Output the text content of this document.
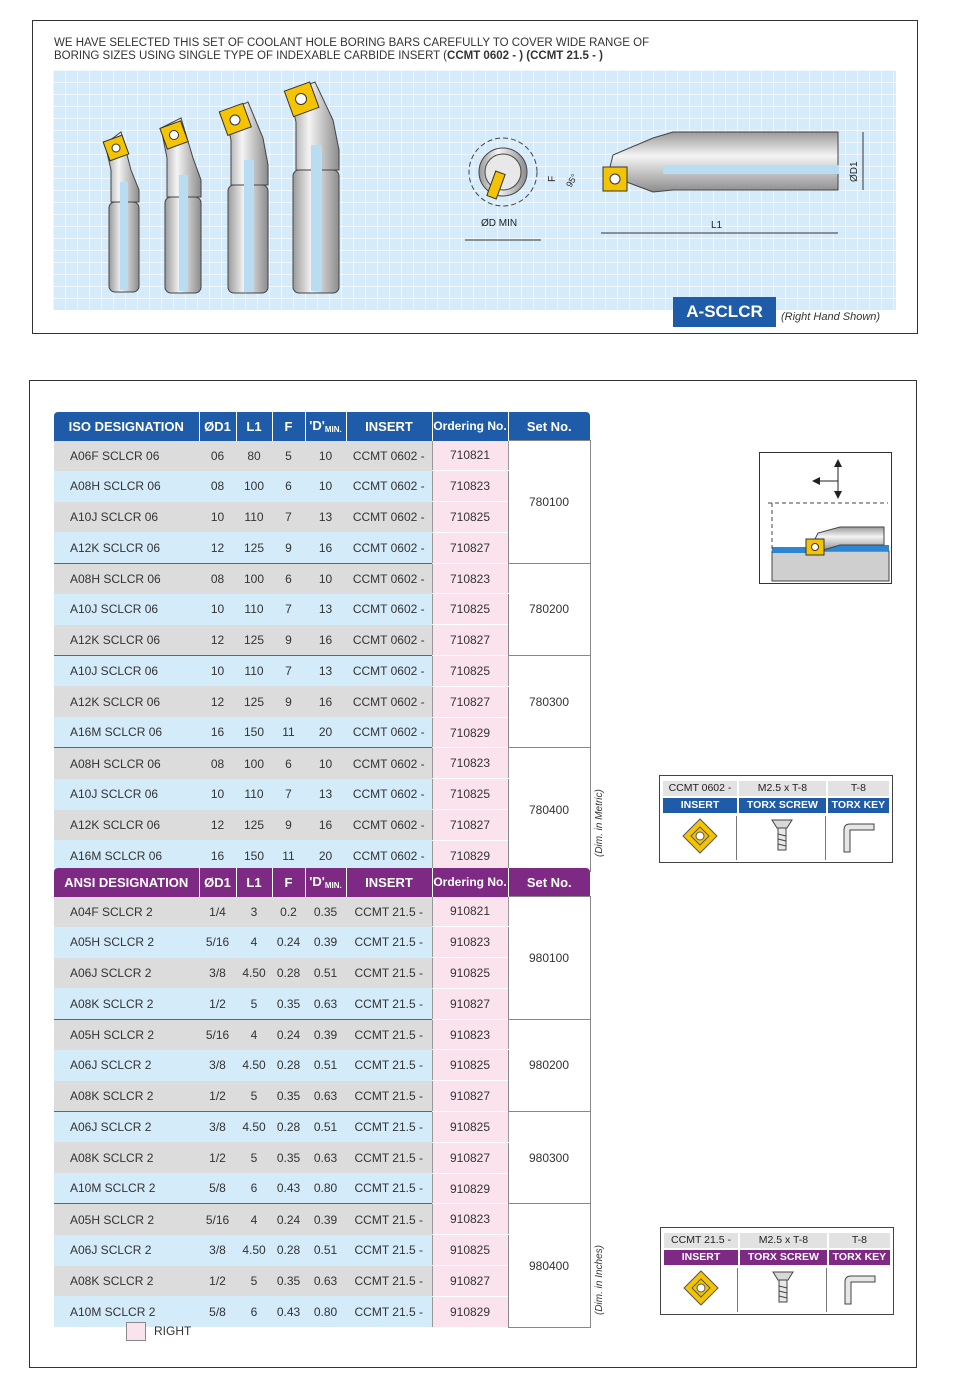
WE HAVE SELECTED THIS SET OF COOLANT HOLE BORING BARS CAREFULLY TO COVER WIDE RANGE OF
BORING SIZES USING SINGLE TYPE OF INDEXABLE CARBIDE INSERT (CCMT 0602 - ) (CCMT 21.5 - )
ØD MIN	L1
ØD1
F 95°
A-SCLCR	(Right Hand Shown)
ISO DESIGNATION	ØD1	L1	F	'$D'_{MIN.}$	INSERT	Ordering No.	Set No.
A06F SCLCR 06	06	80	5	10	CCMT 0602 -	710821	780100
A08H SCLCR 06	08	100	6	10	CCMT 0602 -	710823	
A10J SCLCR 06	10	110	7	13	CCMT 0602 -	710825	
A12K SCLCR 06	12	125	9	16	CCMT 0602 -	710827	
A08H SCLCR 06	08	100	6	10	CCMT 0602 -	710823	780200
A10J SCLCR 06	10	110	7	13	CCMT 0602 -	710825	
A12K SCLCR 06	12	125	9	16	CCMT 0602 -	710827	
A10J SCLCR 06	10	110	7	13	CCMT 0602 -	710825	780300
A12K SCLCR 06	12	125	9	16	CCMT 0602 -	710827	
A16M SCLCR 06	16	150	11	20	CCMT 0602 -	710829	
A08H SCLCR 06	08	100	6	10	CCMT 0602 -	710823	780400
A10J SCLCR 06	10	110	7	13	CCMT 0602 -	710825	
A12K SCLCR 06	12	125	9	16	CCMT 0602 -	710827	
A16M SCLCR 06	16	150	11	20	CCMT 0602 -	710829		(Dim. in Metric)
ANSI DESIGNATION	ØD1	L1	F	'$D'_{MIN.}$	INSERT	Ordering No.	Set No.
A04F SCLCR 2	1/4	3	0.2	0.35	CCMT 21.5 -	910821	980100
A05H SCLCR 2	5/16	4	0.24	0.39	CCMT 21.5 -	910823	
A06J SCLCR 2	3/8	4.50	0.28	0.51	CCMT 21.5 -	910825	
A08K SCLCR 2	1/2	5	0.35	0.63	CCMT 21.5 -	910827	
A05H SCLCR 2	5/16	4	0.24	0.39	CCMT 21.5 -	910823	980200
A06J SCLCR 2	3/8	4.50	0.28	0.51	CCMT 21.5 -	910825	
A08K SCLCR 2	1/2	5	0.35	0.63	CCMT 21.5 -	910827	
A06J SCLCR 2	3/8	4.50	0.28	0.51	CCMT 21.5 -	910825	980300
A08K SCLCR 2	1/2	5	0.35	0.63	CCMT 21.5 -	910827	
A10M SCLCR 2	5/8	6	0.43	0.80	CCMT 21.5 -	910829	
A05H SCLCR 2	5/16	4	0.24	0.39	CCMT 21.5 -	910823	980400
A06J SCLCR 2	3/8	4.50	0.28	0.51	CCMT 21.5 -	910825	
A08K SCLCR 2	1/2	5	0.35	0.63	CCMT 21.5 -	910827	
A10M SCLCR 2	5/8	6	0.43	0.80	CCMT 21.5 -	910829		(Dim. in Inches)
RIGHT
CCMT 0602 -	M2.5 x T-8	T-8
INSERT	TORX SCREW	TORX KEY
CCMT 21.5 -	M2.5 x T-8	T-8
INSERT	TORX SCREW	TORX KEY
